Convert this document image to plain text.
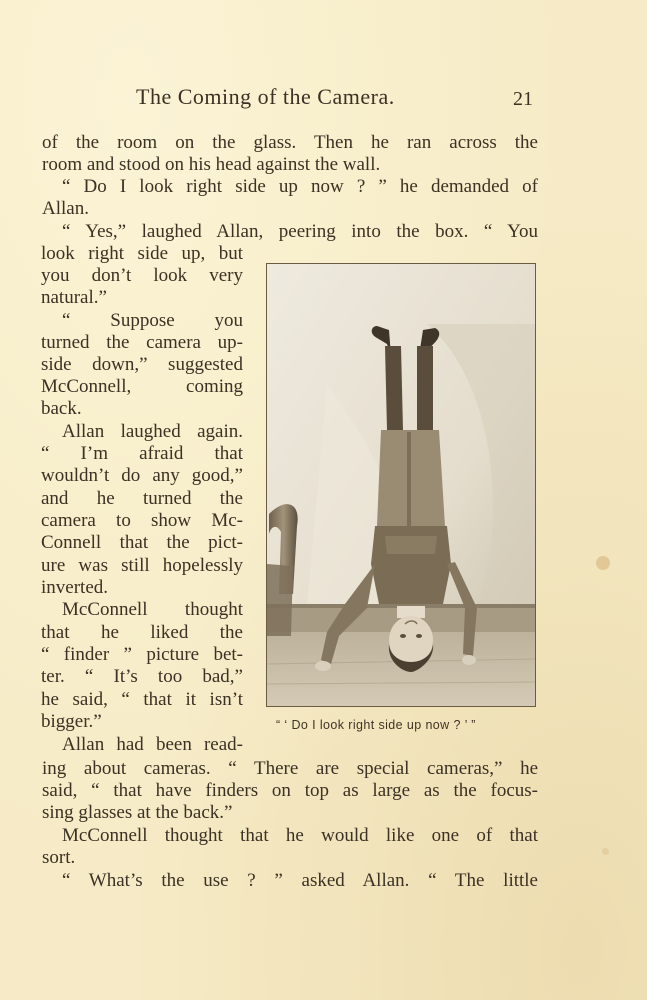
The Coming of the Camera.	21
of the room on the glass. Then he ran across the
room and stood on his head against the wall.
“ Do I look right side up now ? ” he demanded of
Allan.
“ Yes,” laughed Allan, peering into the box. “ You
look right side up, but
you don’t look very
natural.”
“ Suppose you
turned the camera up-
side down,” suggested
McConnell, coming
back.
Allan laughed again.
“ I’m afraid that
wouldn’t do any good,”
and he turned the
camera to show Mc-
Connell that the pict-
ure was still hopelessly
inverted.
McConnell thought
that he liked the
“ finder ” picture bet-
ter. “ It’s too bad,”
he said, “ that it isn’t
bigger.”
Allan had been read-
ing about cameras. “ There are special cameras,” he
said, “ that have finders on top as large as the focus-
sing glasses at the back.”
McConnell thought that he would like one of that
sort.
“ What’s the use ? ” asked Allan. “ The little
“ ‘ Do I look right side up now ? ’ ”
